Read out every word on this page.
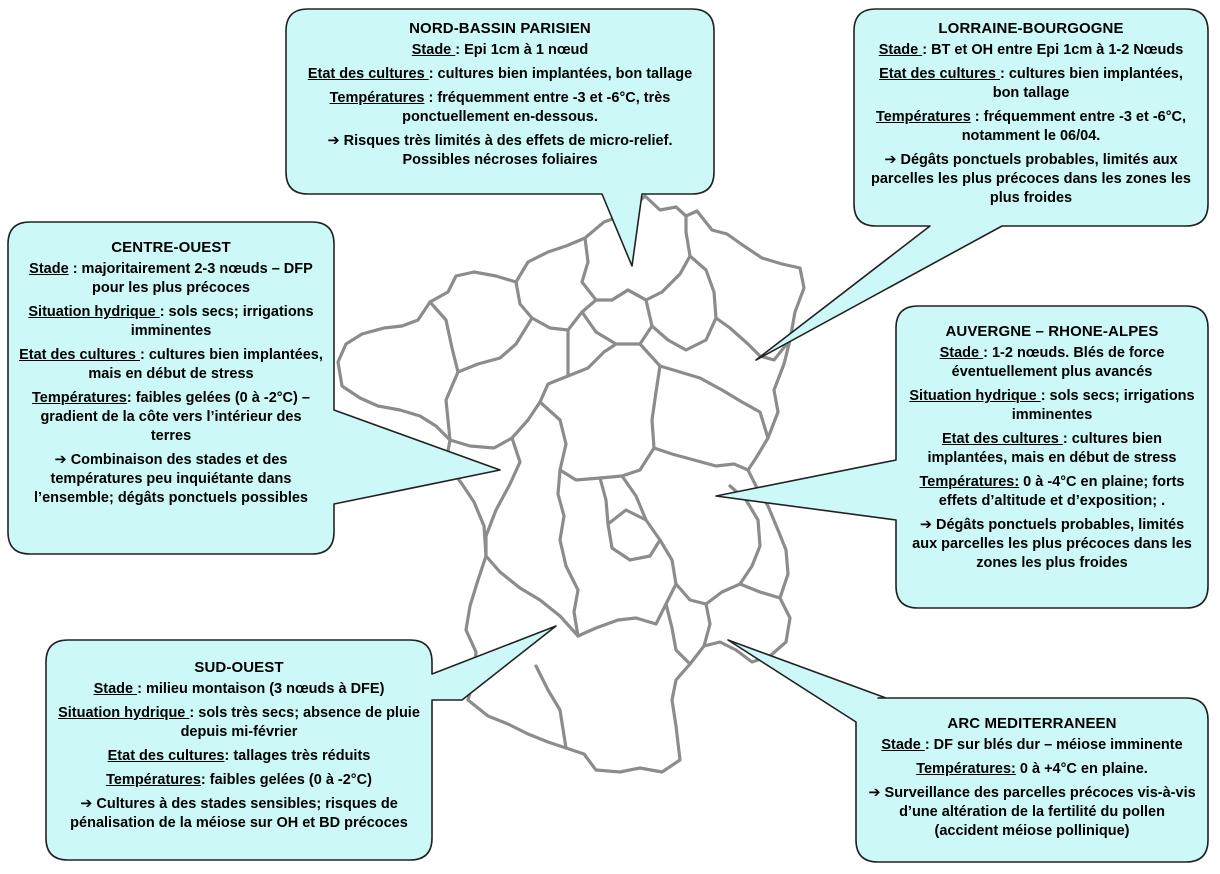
NORD-BASSIN PARISIEN

Stade : Epi 1cm à 1 nœud

Etat des cultures : cultures bien implantées, bon tallage

Températures : fréquemment entre -3 et -6°C, très ponctuellement en-dessous.

➔ Risques très limités à des effets de micro-relief. Possibles nécroses foliaires

LORRAINE-BOURGOGNE

Stade : BT et OH entre Epi 1cm à 1-2 Nœuds

Etat des cultures : cultures bien implantées, bon tallage

Températures : fréquemment entre -3 et -6°C, notamment le 06/04.

➔ Dégâts ponctuels probables, limités aux parcelles les plus précoces dans les zones les plus froides

CENTRE-OUEST

Stade : majoritairement 2-3 nœuds – DFP pour les plus précoces

Situation hydrique : sols secs; irrigations imminentes

Etat des cultures : cultures bien implantées, mais en début de stress

Températures: faibles gelées (0 à -2°C) – gradient de la côte vers l’intérieur des terres

➔ Combinaison des stades et des températures peu inquiétante dans l’ensemble; dégâts ponctuels possibles

AUVERGNE – RHONE-ALPES

Stade : 1-2 nœuds. Blés de force éventuellement plus avancés

Situation hydrique : sols secs; irrigations imminentes

Etat des cultures : cultures bien implantées, mais en début de stress

Températures: 0 à -4°C en plaine; forts effets d’altitude et d’exposition; .

➔ Dégâts ponctuels probables, limités aux parcelles les plus précoces dans les zones les plus froides

SUD-OUEST

Stade : milieu montaison (3 nœuds à DFE)

Situation hydrique : sols très secs; absence de pluie depuis mi-février

Etat des cultures: tallages très réduits

Températures: faibles gelées (0 à -2°C)

➔ Cultures à des stades sensibles; risques de pénalisation de la méiose sur OH et BD précoces

ARC MEDITERRANEEN

Stade : DF sur blés dur – méiose imminente

Températures: 0 à +4°C en plaine.

➔ Surveillance des parcelles précoces vis-à-vis d’une altération de la fertilité du pollen (accident méiose pollinique)
